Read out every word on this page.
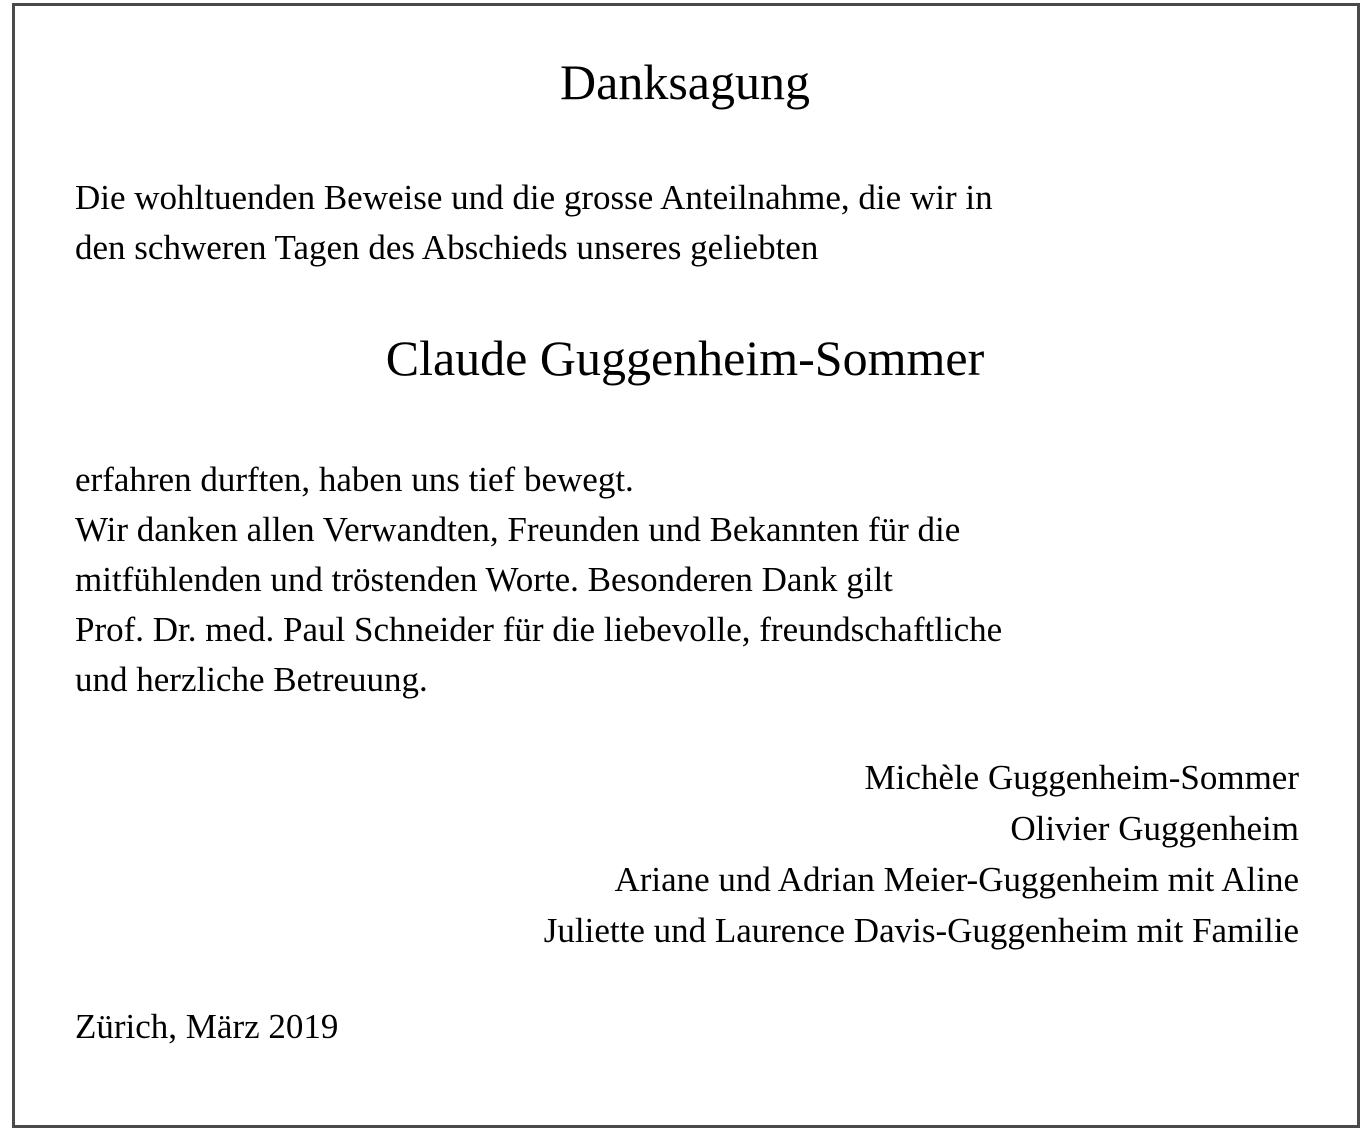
Danksagung
Die wohltuenden Beweise und die grosse Anteilnahme, die wir in
den schweren Tagen des Abschieds unseres geliebten
Claude Guggenheim-Sommer
erfahren durften, haben uns tief bewegt.
Wir danken allen Verwandten, Freunden und Bekannten für die
mitfühlenden und tröstenden Worte. Besonderen Dank gilt
Prof. Dr. med. Paul Schneider für die liebevolle, freundschaftliche
und herzliche Betreuung.
Michèle Guggenheim-Sommer
Olivier Guggenheim
Ariane und Adrian Meier-Guggenheim mit Aline
Juliette und Laurence Davis-Guggenheim mit Familie
Zürich, März 2019
